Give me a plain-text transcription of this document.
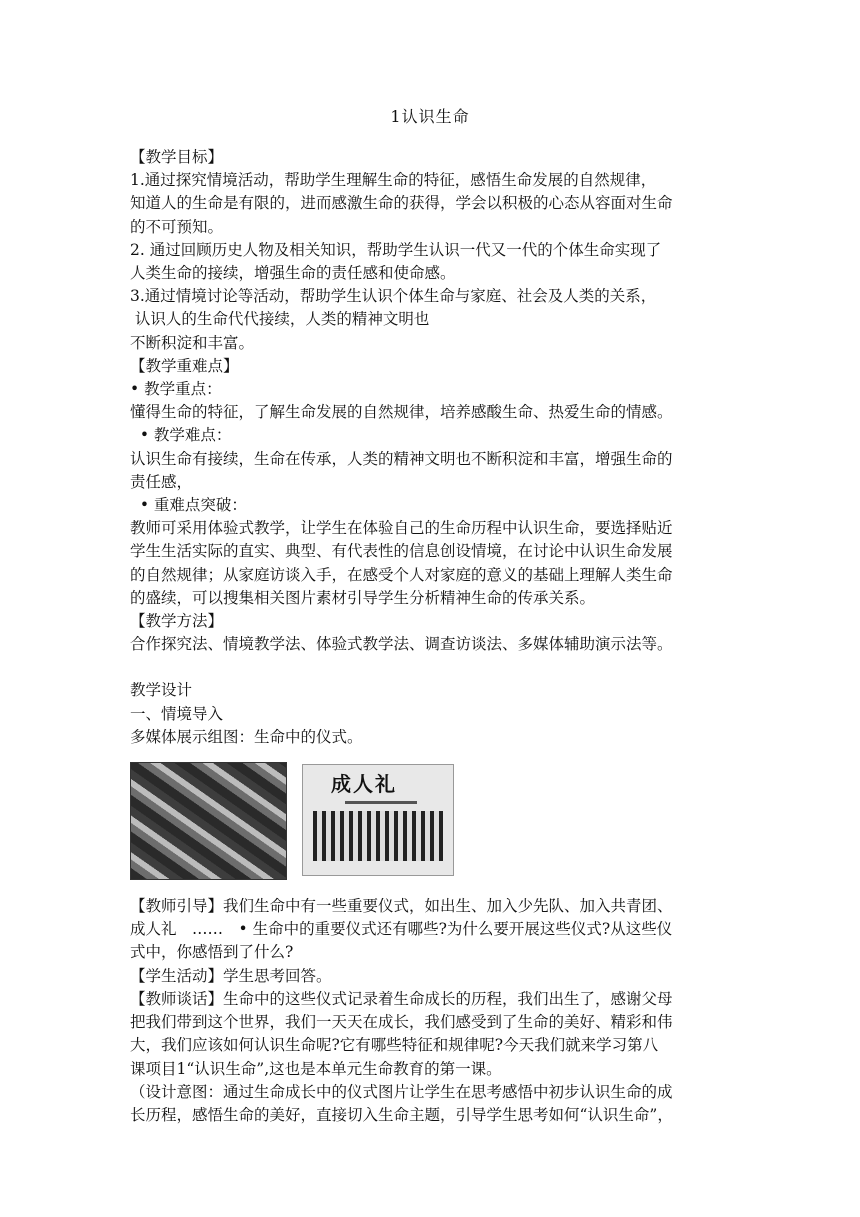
1认识生命

【教学目标】

1.通过探究情境活动，帮助学生理解生命的特征，感悟生命发展的自然规律，

知道人的生命是有限的，进而感激生命的获得，学会以积极的心态从容面对生命

的不可预知。

2. 通过回顾历史人物及相关知识，帮助学生认识一代又一代的个体生命实现了

人类生命的接续，增强生命的责任感和使命感。

3.通过情境讨论等活动，帮助学生认识个体生命与家庭、社会及人类的关系，

认识人的生命代代接续，人类的精神文明也

不断积淀和丰富。

【教学重难点】

• 教学重点：

懂得生命的特征，了解生命发展的自然规律，培养感酸生命、热爱生命的情感。

• 教学难点：

认识生命有接续，生命在传承，人类的精神文明也不断积淀和丰富，增强生命的

责任感，

• 重难点突破：

教师可采用体验式教学，让学生在体验自己的生命历程中认识生命，要选择贴近

学生生活实际的直实、典型、有代表性的信息创设情境，在讨论中认识生命发展

的自然规律；从家庭访谈入手，在感受个人对家庭的意义的基础上理解人类生命

的盛续，可以搜集相关图片素材引导学生分析精神生命的传承关系。

【教学方法】

合作探究法、情境教学法、体验式教学法、调查访谈法、多媒体辅助演示法等。

教学设计

一、情境导入

多媒体展示组图：生命中的仪式。

成人礼

【教师引导】我们生命中有一些重要仪式，如出生、加入少先队、加入共青团、

成人礼　……　• 生命中的重要仪式还有哪些?为什么要开展这些仪式?从这些仪

式中，你感悟到了什么?

【学生活动】学生思考回答。

【教师谈话】生命中的这些仪式记录着生命成长的历程，我们出生了，感谢父母

把我们带到这个世界，我们一天天在成长，我们感受到了生命的美好、精彩和伟

大，我们应该如何认识生命呢?它有哪些特征和规律呢?今天我们就来学习第八

课项目1“认识生命”,这也是本单元生命教育的第一课。

（设计意图：通过生命成长中的仪式图片让学生在思考感悟中初步认识生命的成

长历程，感悟生命的美好，直接切入生命主题，引导学生思考如何“认识生命”，
